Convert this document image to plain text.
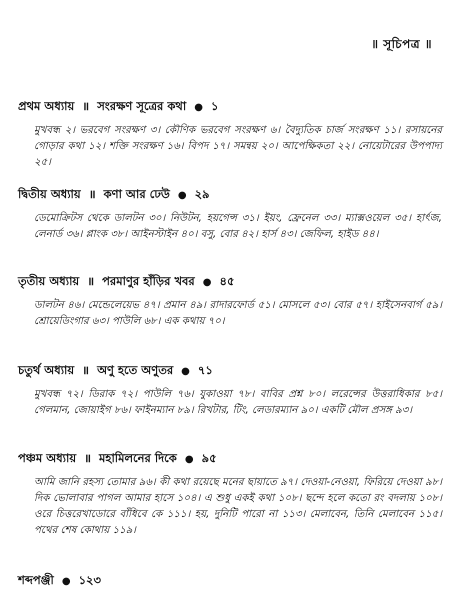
॥ সূচিপত্র ॥
প্রথম অধ্যায় ॥ সংরক্ষণ সূত্রের কথা ● ১
মুখবন্ধ ২। ভরবেগ সংরক্ষণ ৩। কৌণিক ভরবেগ সংরক্ষণ ৬। বৈদ্যুতিক চার্জ সংরক্ষণ ১১। রসায়নের গোড়ার কথা ১২। শক্তি সংরক্ষণ ১৬। বিপদ ১৭। সমন্বয় ২০। আপেক্ষিকতা ২২। নোয়েটারের উপপাদ্য ২৫।
দ্বিতীয় অধ্যায় ॥ কণা আর ঢেউ ● ২৯
ডেমোক্রিটস থেকে ডালটন ৩০। নিউটন, হয়গেন্স ৩১। ইয়ং, ফ্রেনেল ৩৩। ম্যাক্সওয়েল ৩৫। হার্ৎজ, লেনার্ড ৩৬। প্লাংক ৩৮। আইনস্টাইন ৪০। বসু, বোর ৪২। হার্স ৪৩। জেফিল, হাইড ৪৪।
তৃতীয় অধ্যায় ॥ পরমাণুর হাঁড়ির খবর ● ৪৫
ডালটন ৪৬। মেন্ডেলেয়েভ ৪৭। প্রমান ৪৯। রাদারফোর্ড ৫১। মোসলে ৫৩। বোর ৫৭। হাইসেনবার্গ ৫৯। শ্রোয়েডিংগার ৬৩। পাউলি ৬৮। এক কথায় ৭০।
চতুর্থ অধ্যায় ॥ অণু হতে অণুতর ● ৭১
মুখবন্ধ ৭২। ডিরাক ৭২। পাউলি ৭৬। যুকাওয়া ৭৮। বাবির প্রশ্ন ৮০। লরেন্সের উত্তরাধিকার ৮৫। গেলমান, জোয়াইগ ৮৬। ফাইনম্যান ৮৯। রিখটার, টিং, লেডারম্যান ৯০। একটি মৌল প্রসঙ্গ ৯৩।
পঞ্চম অধ্যায় ॥ মহামিলনের দিকে ● ৯৫
আমি জানি রহস্য তোমার ৯৬। কী কথা রয়েছে মনের ছায়াতে ৯৭। দেওয়া-নেওয়া, ফিরিয়ে দেওয়া ৯৮। দিক ভোলাবার পাগল আমার হাসে ১০৪। এ শুধু একই কথা ১০৮। ছন্দে হলে কতো রং বদলায় ১০৮। ওরে চিত্তরেখাডোরে বাঁধিবে কে ১১১। হয়, দুনিটি পারো না ১১৩। মেলাবেন, তিনি মেলাবেন ১১৫। পথের শেষ কোথায় ১১৯।
শব্দপঞ্জী ● ১২৩
